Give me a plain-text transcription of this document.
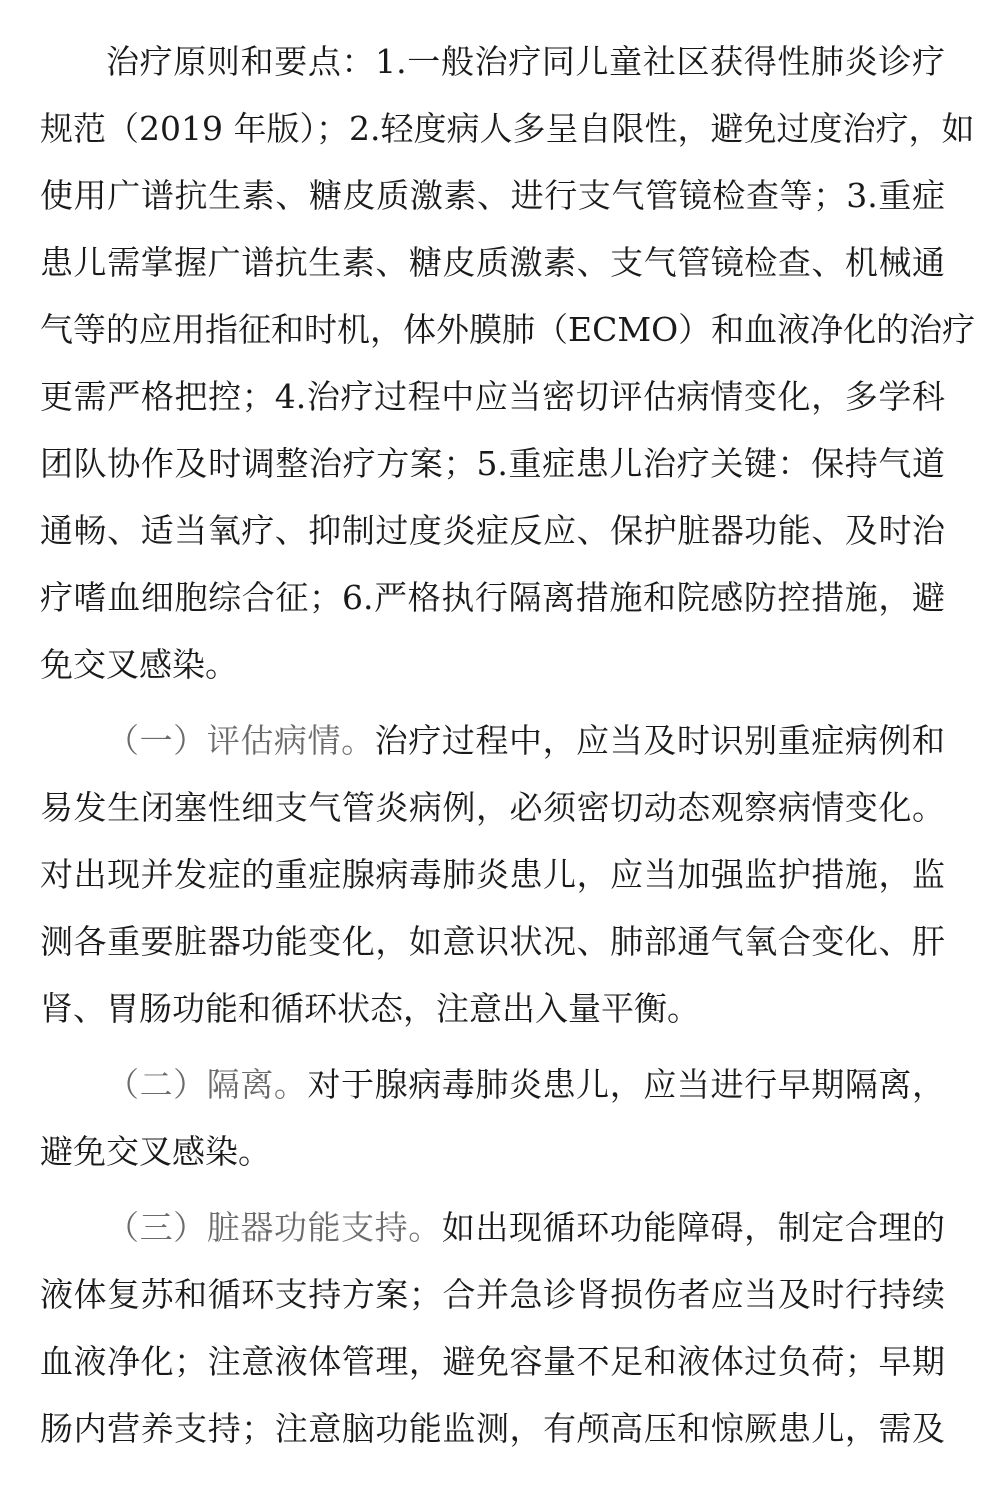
治疗原则和要点：1.一般治疗同儿童社区获得性肺炎诊疗
规范（2019 年版）；2.轻度病人多呈自限性，避免过度治疗，如
使用广谱抗生素、糖皮质激素、进行支气管镜检查等；3.重症
患儿需掌握广谱抗生素、糖皮质激素、支气管镜检查、机械通
气等的应用指征和时机，体外膜肺（ECMO）和血液净化的治疗
更需严格把控；4.治疗过程中应当密切评估病情变化，多学科
团队协作及时调整治疗方案；5.重症患儿治疗关键：保持气道
通畅、适当氧疗、抑制过度炎症反应、保护脏器功能、及时治
疗嗜血细胞综合征；6.严格执行隔离措施和院感防控措施，避
免交叉感染。
（一）评估病情。治疗过程中，应当及时识别重症病例和
易发生闭塞性细支气管炎病例，必须密切动态观察病情变化。
对出现并发症的重症腺病毒肺炎患儿，应当加强监护措施，监
测各重要脏器功能变化，如意识状况、肺部通气氧合变化、肝
肾、胃肠功能和循环状态，注意出入量平衡。
（二）隔离。对于腺病毒肺炎患儿，应当进行早期隔离，
避免交叉感染。
（三）脏器功能支持。如出现循环功能障碍，制定合理的
液体复苏和循环支持方案；合并急诊肾损伤者应当及时行持续
血液净化；注意液体管理，避免容量不足和液体过负荷；早期
肠内营养支持；注意脑功能监测，有颅高压和惊厥患儿，需及
